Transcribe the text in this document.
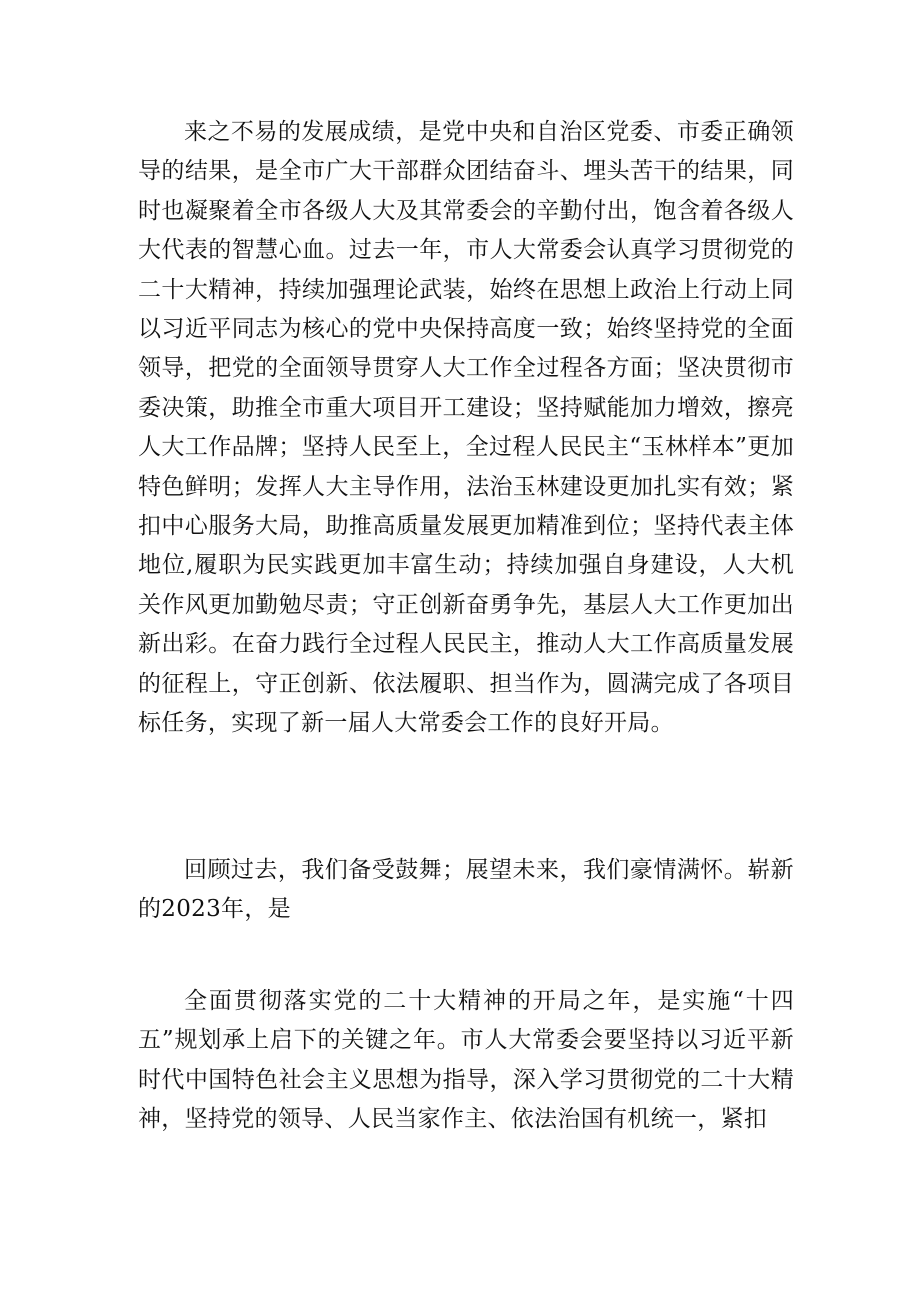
来之不易的发展成绩，是党中央和自治区党委、市委正确领导的结果，是全市广大干部群众团结奋斗、埋头苦干的结果，同时也凝聚着全市各级人大及其常委会的辛勤付出，饱含着各级人大代表的智慧心血。过去一年，市人大常委会认真学习贯彻党的二十大精神，持续加强理论武装，始终在思想上政治上行动上同以习近平同志为核心的党中央保持高度一致；始终坚持党的全面领导，把党的全面领导贯穿人大工作全过程各方面；坚决贯彻市委决策，助推全市重大项目开工建设；坚持赋能加力增效，擦亮人大工作品牌；坚持人民至上，全过程人民民主“玉林样本”更加特色鲜明；发挥人大主导作用，法治玉林建设更加扎实有效；紧扣中心服务大局，助推高质量发展更加精准到位；坚持代表主体地位,履职为民实践更加丰富生动；持续加强自身建设，人大机关作风更加勤勉尽责；守正创新奋勇争先，基层人大工作更加出新出彩。在奋力践行全过程人民民主，推动人大工作高质量发展的征程上，守正创新、依法履职、担当作为，圆满完成了各项目标任务，实现了新一届人大常委会工作的良好开局。

回顾过去，我们备受鼓舞；展望未来，我们豪情满怀。崭新的2023年，是

全面贯彻落实党的二十大精神的开局之年，是实施“十四五”规划承上启下的关键之年。市人大常委会要坚持以习近平新时代中国特色社会主义思想为指导，深入学习贯彻党的二十大精神，坚持党的领导、人民当家作主、依法治国有机统一，紧扣
